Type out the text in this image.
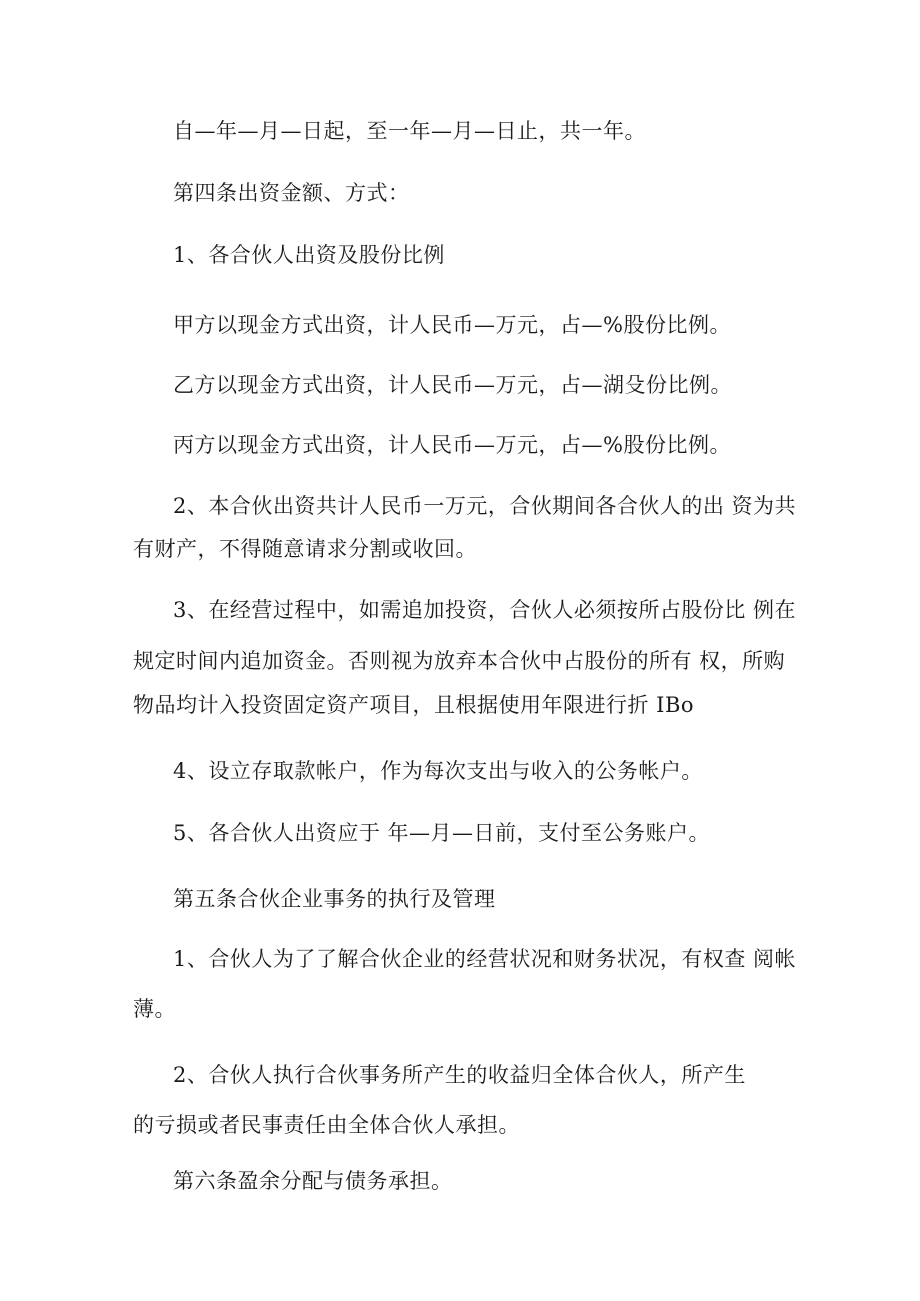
自—年—月—日起，至一年—月—日止，共一年。
第四条出资金额、方式：
1、各合伙人出资及股份比例
甲方以现金方式出资，计人民币—万元，占—%股份比例。
乙方以现金方式出资，计人民币—万元，占—湖殳份比例。
丙方以现金方式出资，计人民币—万元，占—%股份比例。
2、本合伙出资共计人民币一万元，合伙期间各合伙人的出 资为共
有财产，不得随意请求分割或收回。
3、在经营过程中，如需追加投资，合伙人必须按所占股份比 例在
规定时间内追加资金。否则视为放弃本合伙中占股份的所有 权，所购
物品均计入投资固定资产项目，且根据使用年限进行折 IBo
4、设立存取款帐户，作为每次支出与收入的公务帐户。
5、各合伙人出资应于 年—月—日前，支付至公务账户。
第五条合伙企业事务的执行及管理
1、合伙人为了了解合伙企业的经营状况和财务状况，有权查 阅帐
薄。
2、合伙人执行合伙事务所产生的收益归全体合伙人，所产生
的亏损或者民事责任由全体合伙人承担。
第六条盈余分配与债务承担。
